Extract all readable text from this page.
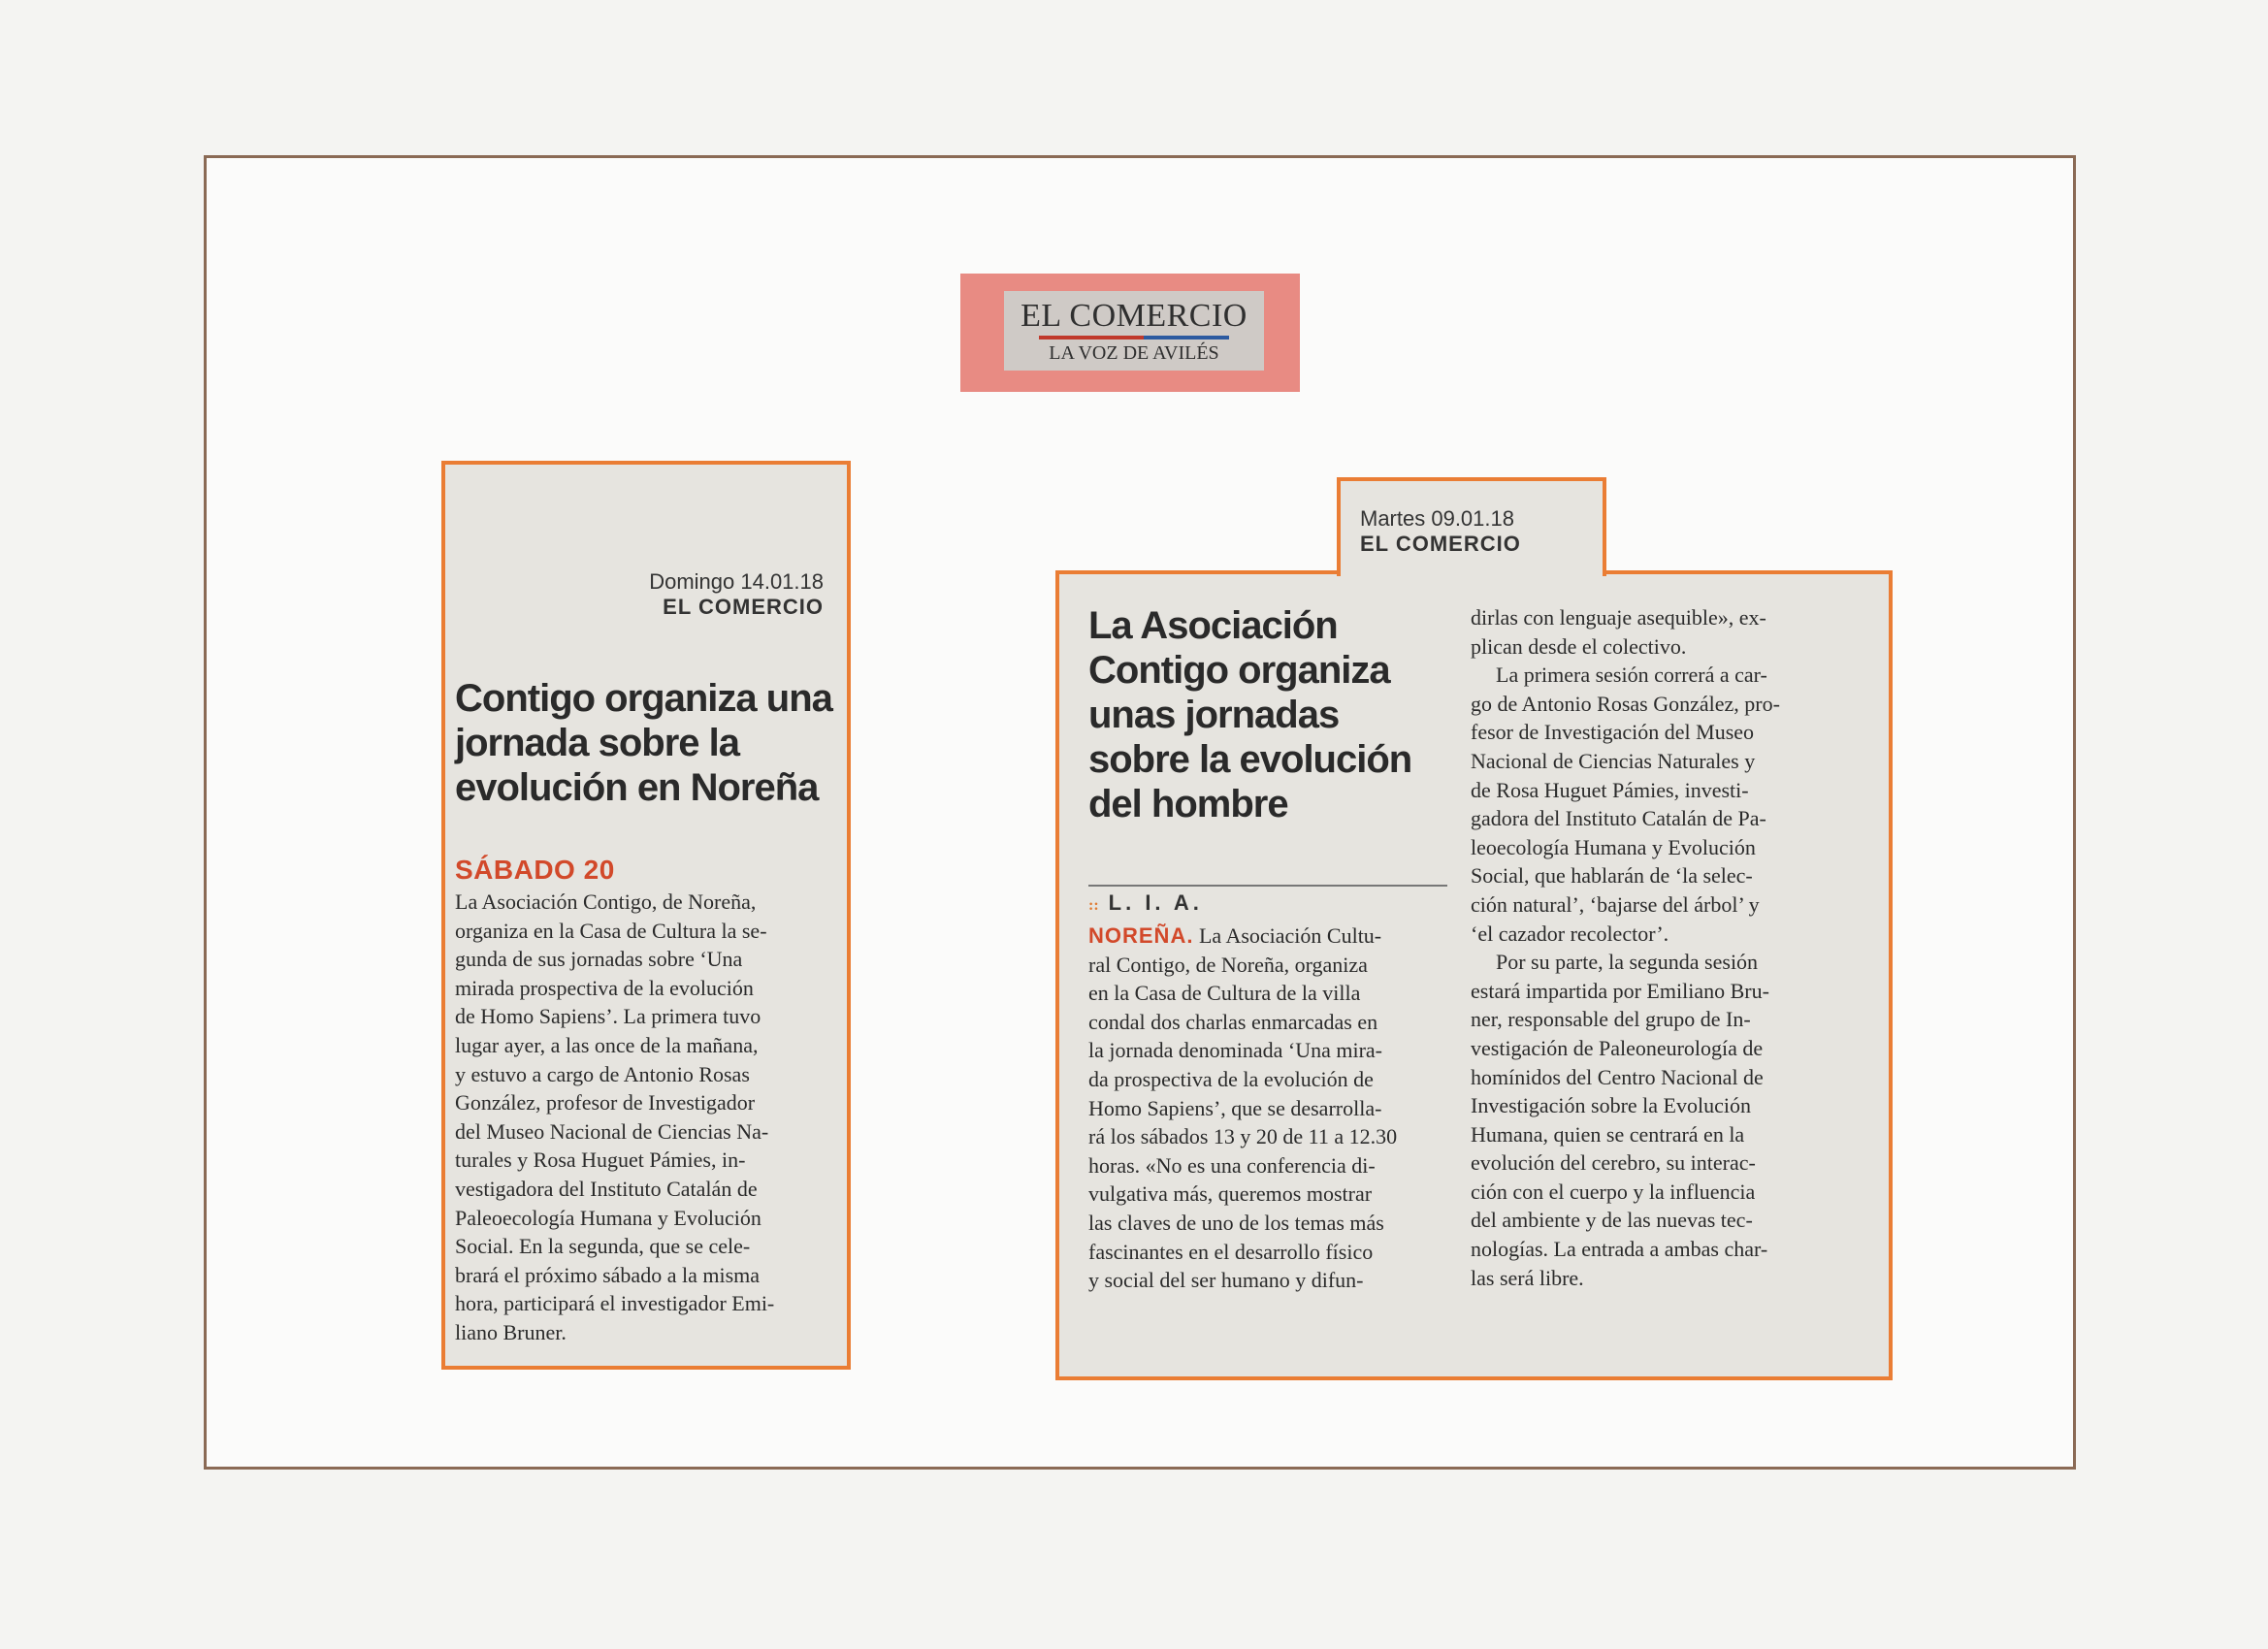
EL COMERCIO
LA VOZ DE AVILÉS
Domingo 14.01.18
EL COMERCIO
Contigo organiza una
jornada sobre la
evolución en Noreña
SÁBADO 20
La Asociación Contigo, de Noreña,
organiza en la Casa de Cultura la se-
gunda de sus jornadas sobre ‘Una
mirada prospectiva de la evolución
de Homo Sapiens’. La primera tuvo
lugar ayer, a las once de la mañana,
y estuvo a cargo de Antonio Rosas
González, profesor de Investigador
del Museo Nacional de Ciencias Na-
turales y Rosa Huguet Pámies, in-
vestigadora del Instituto Catalán de
Paleoecología Humana y Evolución
Social. En la segunda, que se cele-
brará el próximo sábado a la misma
hora, participará el investigador Emi-
liano Bruner.
La Asociación
Contigo organiza
unas jornadas
sobre la evolución
del hombre
:: L. I. A.
NOREÑA. La Asociación Cultu-
ral Contigo, de Noreña, organiza
en la Casa de Cultura de la villa
condal dos charlas enmarcadas en
la jornada denominada ‘Una mira-
da prospectiva de la evolución de
Homo Sapiens’, que se desarrolla-
rá los sábados 13 y 20 de 11 a 12.30
horas. «No es una conferencia di-
vulgativa más, queremos mostrar
las claves de uno de los temas más
fascinantes en el desarrollo físico
y social del ser humano y difun-
dirlas con lenguaje asequible», ex-
plican desde el colectivo.
La primera sesión correrá a car-
go de Antonio Rosas González, pro-
fesor de Investigación del Museo
Nacional de Ciencias Naturales y
de Rosa Huguet Pámies, investi-
gadora del Instituto Catalán de Pa-
leoecología Humana y Evolución
Social, que hablarán de ‘la selec-
ción natural’, ‘bajarse del árbol’ y
‘el cazador recolector’.
Por su parte, la segunda sesión
estará impartida por Emiliano Bru-
ner, responsable del grupo de In-
vestigación de Paleoneurología de
homínidos del Centro Nacional de
Investigación sobre la Evolución
Humana, quien se centrará en la
evolución del cerebro, su interac-
ción con el cuerpo y la influencia
del ambiente y de las nuevas tec-
nologías. La entrada a ambas char-
las será libre.
Martes 09.01.18
EL COMERCIO
